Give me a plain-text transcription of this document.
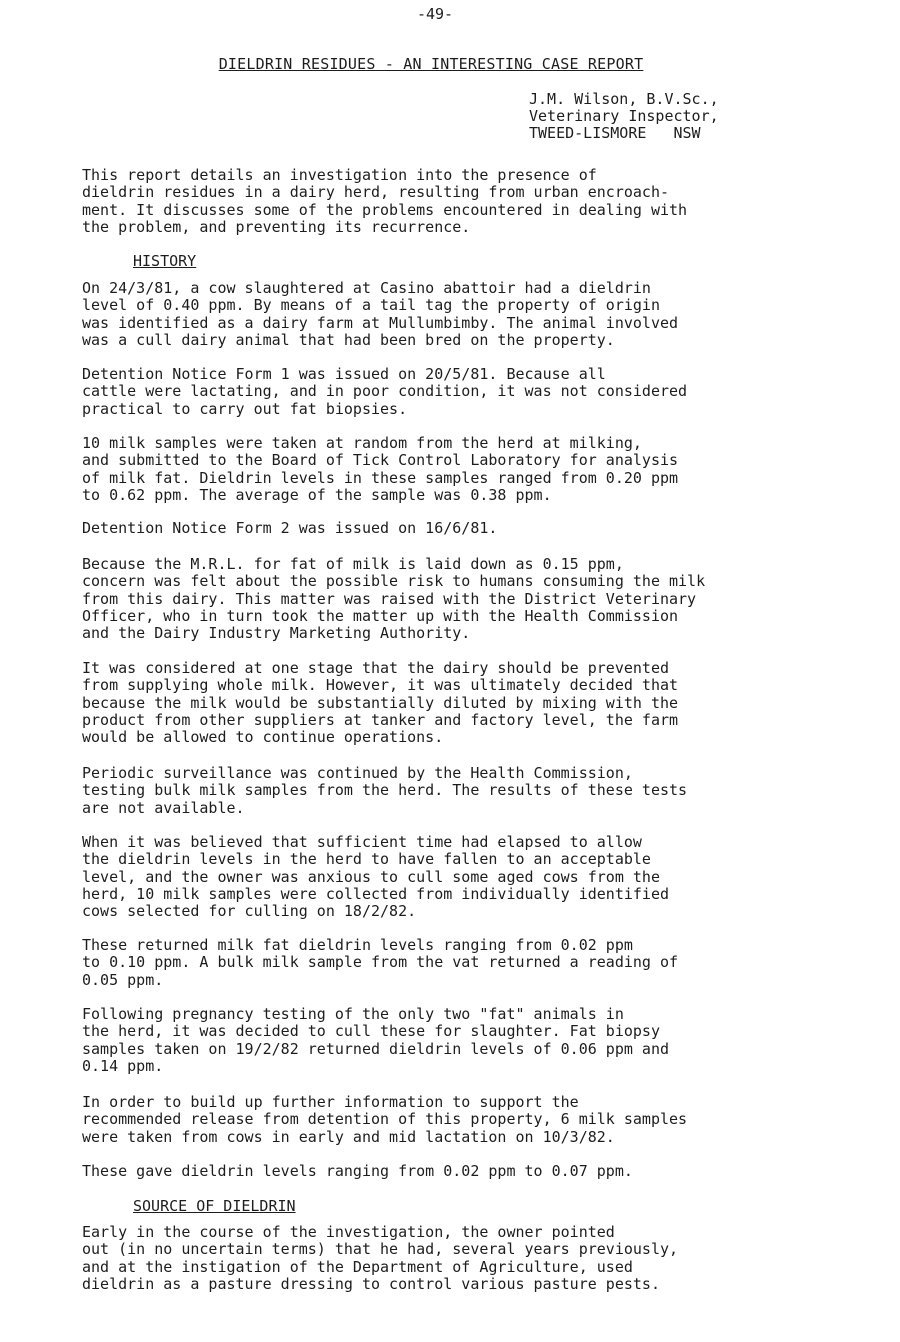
-49-
DIELDRIN RESIDUES - AN INTERESTING CASE REPORT
J.M. Wilson, B.V.Sc.,
Veterinary Inspector,
TWEED-LISMORE   NSW
This report details an investigation into the presence of
dieldrin residues in a dairy herd, resulting from urban encroach-
ment. It discusses some of the problems encountered in dealing with
the problem, and preventing its recurrence.
HISTORY
On 24/3/81, a cow slaughtered at Casino abattoir had a dieldrin
level of 0.40 ppm. By means of a tail tag the property of origin
was identified as a dairy farm at Mullumbimby. The animal involved
was a cull dairy animal that had been bred on the property.
Detention Notice Form 1 was issued on 20/5/81. Because all
cattle were lactating, and in poor condition, it was not considered
practical to carry out fat biopsies.
10 milk samples were taken at random from the herd at milking,
and submitted to the Board of Tick Control Laboratory for analysis
of milk fat. Dieldrin levels in these samples ranged from 0.20 ppm
to 0.62 ppm. The average of the sample was 0.38 ppm.
Detention Notice Form 2 was issued on 16/6/81.
Because the M.R.L. for fat of milk is laid down as 0.15 ppm,
concern was felt about the possible risk to humans consuming the milk
from this dairy. This matter was raised with the District Veterinary
Officer, who in turn took the matter up with the Health Commission
and the Dairy Industry Marketing Authority.
It was considered at one stage that the dairy should be prevented
from supplying whole milk. However, it was ultimately decided that
because the milk would be substantially diluted by mixing with the
product from other suppliers at tanker and factory level, the farm
would be allowed to continue operations.
Periodic surveillance was continued by the Health Commission,
testing bulk milk samples from the herd. The results of these tests
are not available.
When it was believed that sufficient time had elapsed to allow
the dieldrin levels in the herd to have fallen to an acceptable
level, and the owner was anxious to cull some aged cows from the
herd, 10 milk samples were collected from individually identified
cows selected for culling on 18/2/82.
These returned milk fat dieldrin levels ranging from 0.02 ppm
to 0.10 ppm. A bulk milk sample from the vat returned a reading of
0.05 ppm.
Following pregnancy testing of the only two "fat" animals in
the herd, it was decided to cull these for slaughter. Fat biopsy
samples taken on 19/2/82 returned dieldrin levels of 0.06 ppm and
0.14 ppm.
In order to build up further information to support the
recommended release from detention of this property, 6 milk samples
were taken from cows in early and mid lactation on 10/3/82.
These gave dieldrin levels ranging from 0.02 ppm to 0.07 ppm.
SOURCE OF DIELDRIN
Early in the course of the investigation, the owner pointed
out (in no uncertain terms) that he had, several years previously,
and at the instigation of the Department of Agriculture, used
dieldrin as a pasture dressing to control various pasture pests.
